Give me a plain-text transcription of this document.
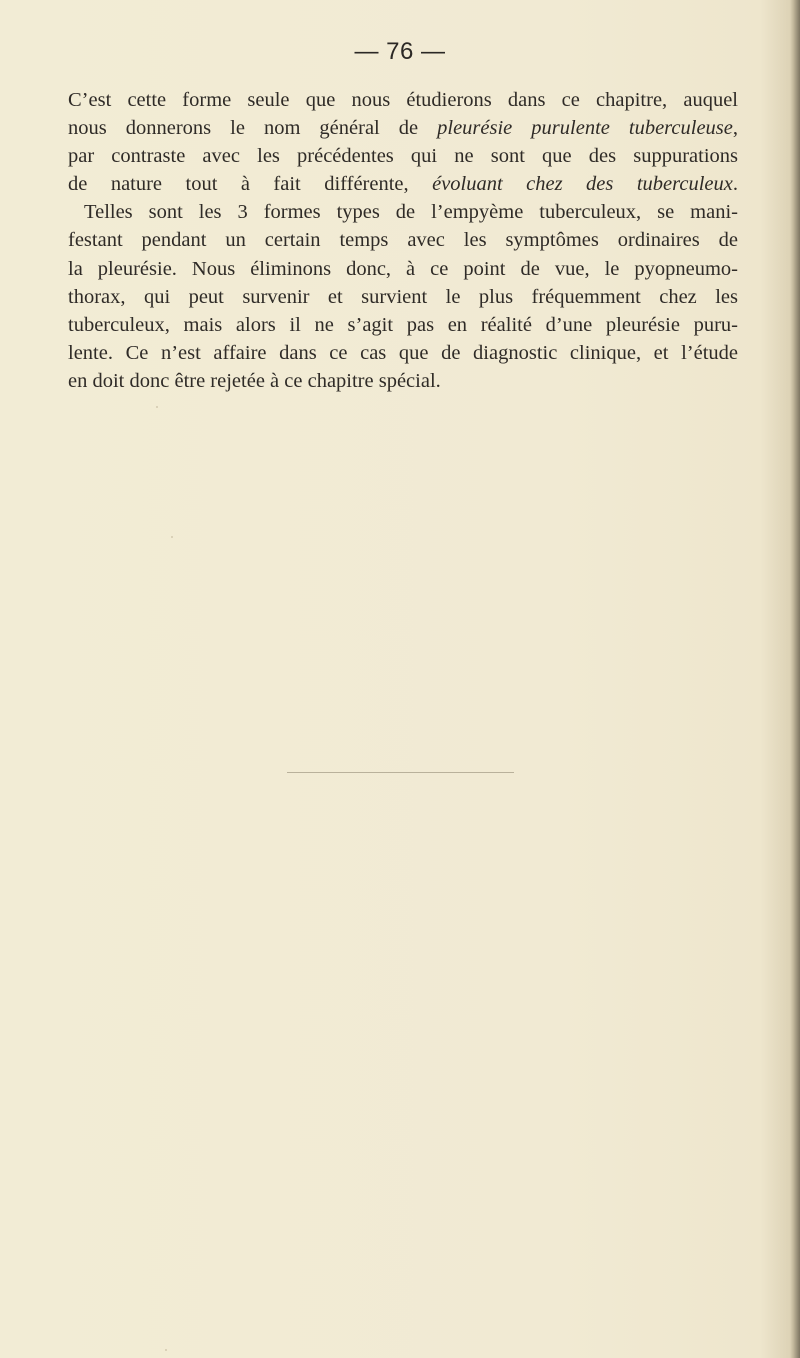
— 76 —
C’est cette forme seule que nous étudierons dans ce chapitre, auquel
nous donnerons le nom général de pleurésie purulente tuberculeuse,
par contraste avec les précédentes qui ne sont que des suppurations
de nature tout à fait différente, évoluant chez des tuberculeux.
Telles sont les 3 formes types de l’empyème tuberculeux, se mani-
festant pendant un certain temps avec les symptômes ordinaires de
la pleurésie. Nous éliminons donc, à ce point de vue, le pyopneumo-
thorax, qui peut survenir et survient le plus fréquemment chez les
tuberculeux, mais alors il ne s’agit pas en réalité d’une pleurésie puru-
lente. Ce n’est affaire dans ce cas que de diagnostic clinique, et l’étude
en doit donc être rejetée à ce chapitre spécial.
